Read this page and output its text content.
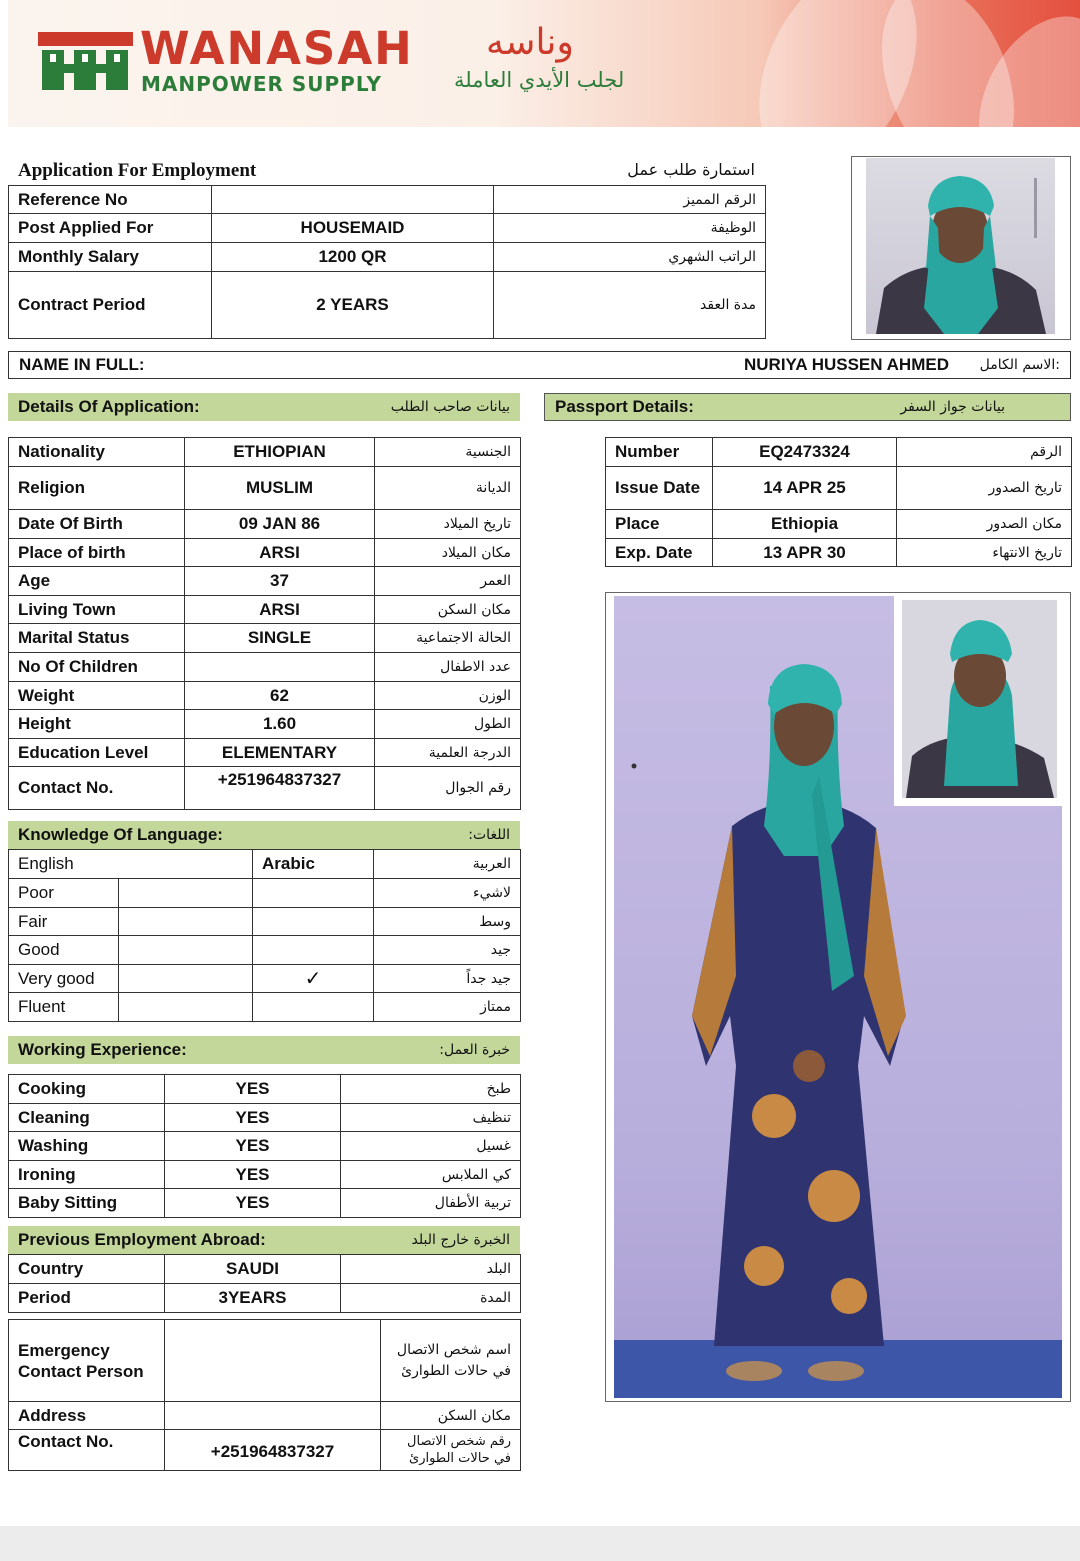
WANASAH وناسه
MANPOWER SUPPLY	لجلب الأيدي العاملة
Application For Employment	استمارة طلب عمل
Reference No		الرقم المميز
Post Applied For	HOUSEMAID	الوظيفة
Monthly Salary	1200 QR	الراتب الشهري
Contract Period	2 YEARS	مدة العقد
NAME IN FULL:	NURIYA HUSSEN AHMED الاسم الكامل:
Details Of Application:	بيانات صاحب الطلب
Nationality	ETHIOPIAN	الجنسية
Religion	MUSLIM	الديانة
Date Of Birth	09 JAN 86	تاريخ الميلاد
Place of birth	ARSI	مكان الميلاد
Age	37	العمر
Living Town	ARSI	مكان السكن
Marital Status	SINGLE	الحالة الاجتماعية
No Of Children		عدد الاطفال
Weight	62	الوزن
Height	1.60	الطول
Education Level	ELEMENTARY	الدرجة العلمية
Contact No.	+251964837327	رقم الجوال
Passport Details:	بيانات جواز السفر
Number	EQ2473324	الرقم
Issue Date	14 APR 25	تاريخ الصدور
Place	Ethiopia	مكان الصدور
Exp. Date	13 APR 30	تاريخ الانتهاء
Knowledge Of Language:	اللغات:
English		Arabic	العربية
Poor			لاشيء
Fair			وسط
Good			جيد
Very good		✓	جيد جداً
Fluent			ممتاز
Working Experience:	خبرة العمل:
Cooking	YES	طبخ
Cleaning	YES	تنظيف
Washing	YES	غسيل
Ironing	YES	كي الملابس
Baby Sitting	YES	تربية الأطفال
Previous Employment Abroad:	الخبرة خارج البلد
Country	SAUDI	البلد
Period	3YEARS	المدة
Emergency Contact Person		اسم شخص الاتصال في حالات الطوارئ
Address		مكان السكن
Contact No.	+251964837327	رقم شخص الاتصال في حالات الطوارئ
